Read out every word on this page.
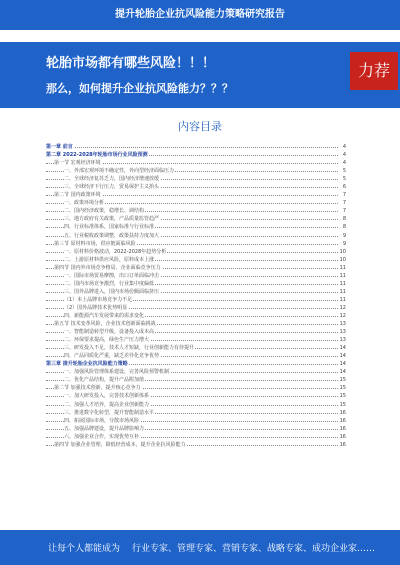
提升轮胎企业抗风险能力策略研究报告
轮胎市场都有哪些风险！！！
那么，如何提升企业抗风险能力？？？
力荐
内容目录
第一章 前言	4
第二章 2022-2028年轮胎市场行业风险预测	4
第一节 宏观经济环境	4
一、外部宏观环境不确定性，外向型经济面临压力	5
二、全球经济复苏乏力，国内经济增速放缓	5
三、全球经济下行压力，贸易保护主义抬头	6
第二节 国内政策环境	7
一、政策环境分析	7
二、国内经济政策，稳增长、调结构	7
三、地方政府有关政策，产品质量监管趋严	8
四、行业标准体系，国家标准与行业标准	8
五、行业税收政策调整，政策扶持力度加大	9
第三节 原材料市场，供应链面临风险	9
一、原材料价格波动，2022-2028年趋势分析	10
二、上游原材料供应风险，原料成本上涨	10
第四节 国内外市场竞争格局，企业面临竞争压力	11
一、国际市场贸易摩擦，出口订单面临冲击	11
二、国内市场竞争激烈，行业集中度偏低	11
三、国外品牌进入，国内市场份额面临挤压	11
（1）本土品牌市场竞争力不足	11
（2）国外品牌技术优势明显	12
四、新能源汽车发展带来的需求变化	12
第五节 技术变革风险，企业技术创新面临挑战	13
一、智能制造转型升级，设备投入成本高	13
二、环保要求提高，绿色生产压力增大	13
三、研发投入不足，技术人才短缺，行业创新能力有待提升	14
四、产品同质化严重，缺乏差异化竞争优势	14
第三章 提升轮胎企业抗风险能力策略	14
一、加强风险管理体系建设，完善风险预警机制	14
二、优化产品结构，提升产品附加值	15
第二节 加强技术创新，提升核心竞争力	15
一、加大研发投入，完善技术创新体系	15
二、加强人才培养，提高企业创新能力	15
三、推进数字化转型，提升智能制造水平	16
四、拓展国际市场，分散市场风险	16
五、加强品牌建设，提升品牌影响力	16
六、加强企业合作，实现优势互补	16
第四节 加强企业管理，降低经营成本，提升企业抗风险能力	16
让每个人都能成为 行业专家、管理专家、营销专家、战略专家、成功企业家……
